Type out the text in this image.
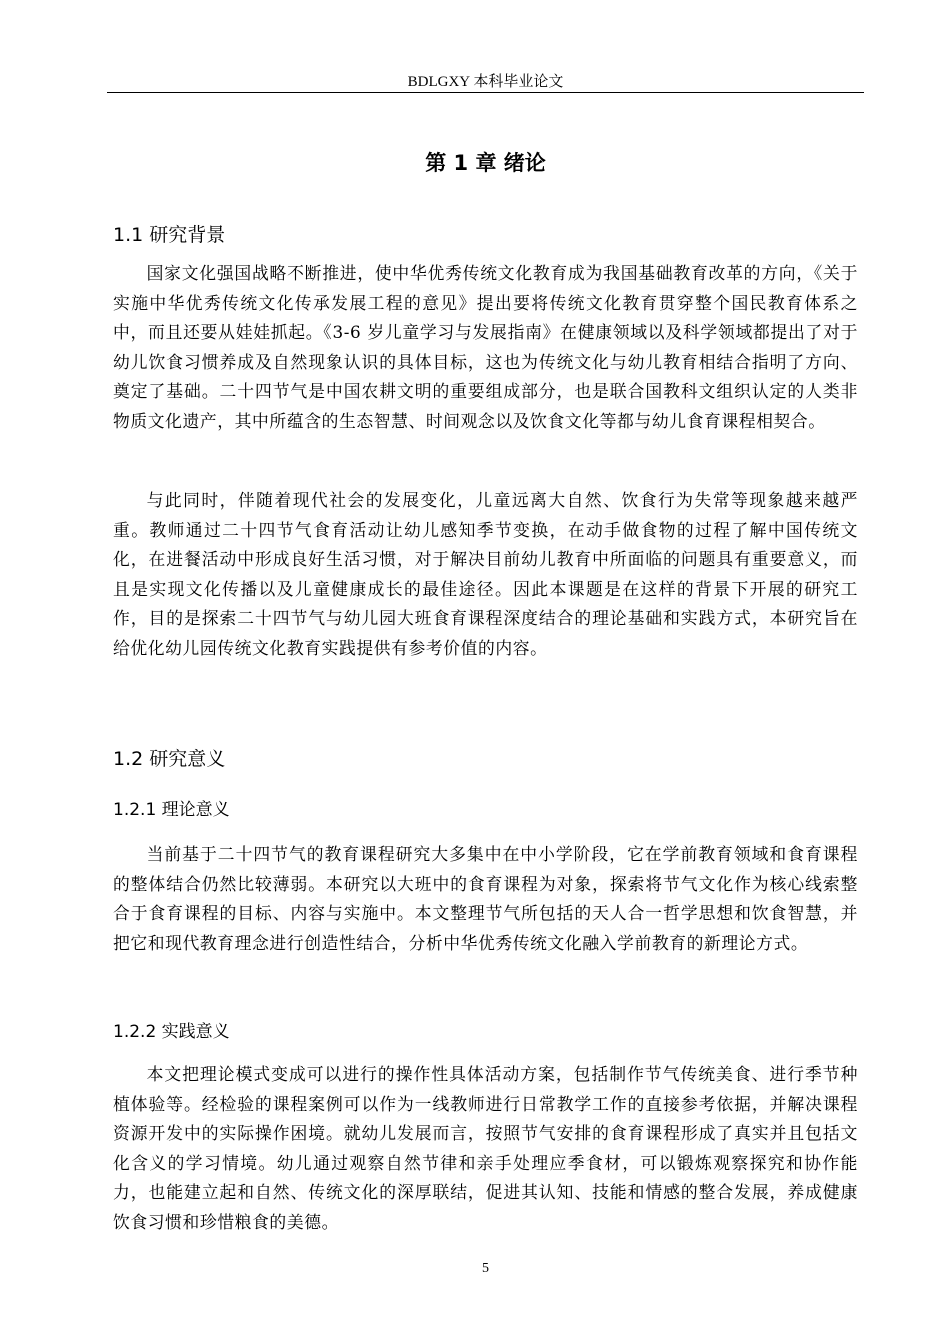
BDLGXY 本科毕业论文
第 1 章 绪论
1.1 研究背景

国家文化强国战略不断推进，使中华优秀传统文化教育成为我国基础教育改革的方向，《关于实施中华优秀传统文化传承发展工程的意见》提出要将传统文化教育贯穿整个国民教育体系之中，而且还要从娃娃抓起。《3-6 岁儿童学习与发展指南》在健康领域以及科学领域都提出了对于幼儿饮食习惯养成及自然现象认识的具体目标，这也为传统文化与幼儿教育相结合指明了方向、奠定了基础。二十四节气是中国农耕文明的重要组成部分，也是联合国教科文组织认定的人类非物质文化遗产，其中所蕴含的生态智慧、时间观念以及饮食文化等都与幼儿食育课程相契合。

与此同时，伴随着现代社会的发展变化，儿童远离大自然、饮食行为失常等现象越来越严重。教师通过二十四节气食育活动让幼儿感知季节变换，在动手做食物的过程了解中国传统文化，在进餐活动中形成良好生活习惯，对于解决目前幼儿教育中所面临的问题具有重要意义，而且是实现文化传播以及儿童健康成长的最佳途径。因此本课题是在这样的背景下开展的研究工作，目的是探索二十四节气与幼儿园大班食育课程深度结合的理论基础和实践方式，本研究旨在给优化幼儿园传统文化教育实践提供有参考价值的内容。

1.2 研究意义
1.2.1 理论意义

当前基于二十四节气的教育课程研究大多集中在中小学阶段，它在学前教育领域和食育课程的整体结合仍然比较薄弱。本研究以大班中的食育课程为对象，探索将节气文化作为核心线索整合于食育课程的目标、内容与实施中。本文整理节气所包括的天人合一哲学思想和饮食智慧，并把它和现代教育理念进行创造性结合，分析中华优秀传统文化融入学前教育的新理论方式。

1.2.2 实践意义

本文把理论模式变成可以进行的操作性具体活动方案，包括制作节气传统美食、进行季节种植体验等。经检验的课程案例可以作为一线教师进行日常教学工作的直接参考依据，并解决课程资源开发中的实际操作困境。就幼儿发展而言，按照节气安排的食育课程形成了真实并且包括文化含义的学习情境。幼儿通过观察自然节律和亲手处理应季食材，可以锻炼观察探究和协作能力，也能建立起和自然、传统文化的深厚联结，促进其认知、技能和情感的整合发展，养成健康饮食习惯和珍惜粮食的美德。

5
